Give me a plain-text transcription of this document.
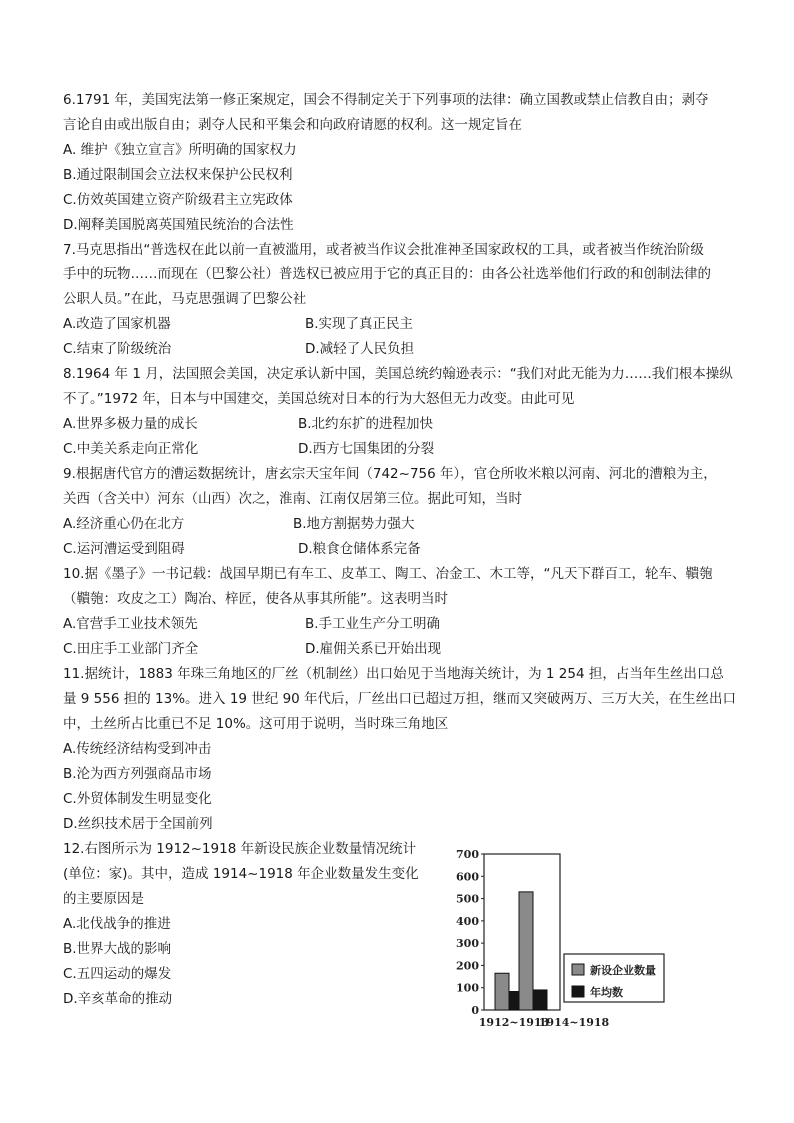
6.1791 年，美国宪法第一修正案规定，国会不得制定关于下列事项的法律：确立国教或禁止信教自由；剥夺
言论自由或出版自由；剥夺人民和平集会和向政府请愿的权利。这一规定旨在
A. 维护《独立宣言》所明确的国家权力
B.通过限制国会立法权来保护公民权利
C.仿效英国建立资产阶级君主立宪政体
D.阐释美国脱离英国殖民统治的合法性
7.马克思指出“普选权在此以前一直被滥用，或者被当作议会批准神圣国家政权的工具，或者被当作统治阶级
手中的玩物……而现在（巴黎公社）普选权已被应用于它的真正目的：由各公社选举他们行政的和创制法律的
公职人员。”在此，马克思强调了巴黎公社
A.改造了国家机器	B.实现了真正民主
C.结束了阶级统治	D.减轻了人民负担
8.1964 年 1 月，法国照会美国，决定承认新中国，美国总统约翰逊表示：“我们对此无能为力……我们根本操纵
不了。”1972 年，日本与中国建交，美国总统对日本的行为大怒但无力改变。由此可见
A.世界多极力量的成长	B.北约东扩的进程加快
C.中美关系走向正常化	D.西方七国集团的分裂
9.根据唐代官方的漕运数据统计，唐玄宗天宝年间（742~756 年），官仓所收米粮以河南、河北的漕粮为主，
关西（含关中）河东（山西）次之，淮南、江南仅居第三位。据此可知，当时
A.经济重心仍在北方	B.地方割据势力强大
C.运河漕运受到阻碍	D.粮食仓储体系完备
10.据《墨子》一书记载：战国早期已有车工、皮革工、陶工、冶金工、木工等，“凡天下群百工，轮车、鞼匏
（鞼匏：攻皮之工）陶冶、梓匠，使各从事其所能”。这表明当时
A.官营手工业技术领先	B.手工业生产分工明确
C.田庄手工业部门齐全	D.雇佣关系已开始出现
11.据统计，1883 年珠三角地区的厂丝（机制丝）出口始见于当地海关统计，为 1 254 担，占当年生丝出口总
量 9 556 担的 13%。进入 19 世纪 90 年代后，厂丝出口已超过万担，继而又突破两万、三万大关，在生丝出口
中，土丝所占比重已不足 10%。这可用于说明，当时珠三角地区
A.传统经济结构受到冲击
B.沦为西方列强商品市场
C.外贸体制发生明显变化
D.丝织技术居于全国前列
12.右图所示为 1912~1918 年新设民族企业数量情况统计
(单位：家)。其中，造成 1914~1918 年企业数量发生变化
的主要原因是
A.北伐战争的推进
B.世界大战的影响
C.五四运动的爆发
D.辛亥革命的推动
0
100
200
300
400
500
600
700
1912~1913
1914~1918
新设企业数量
年均数
